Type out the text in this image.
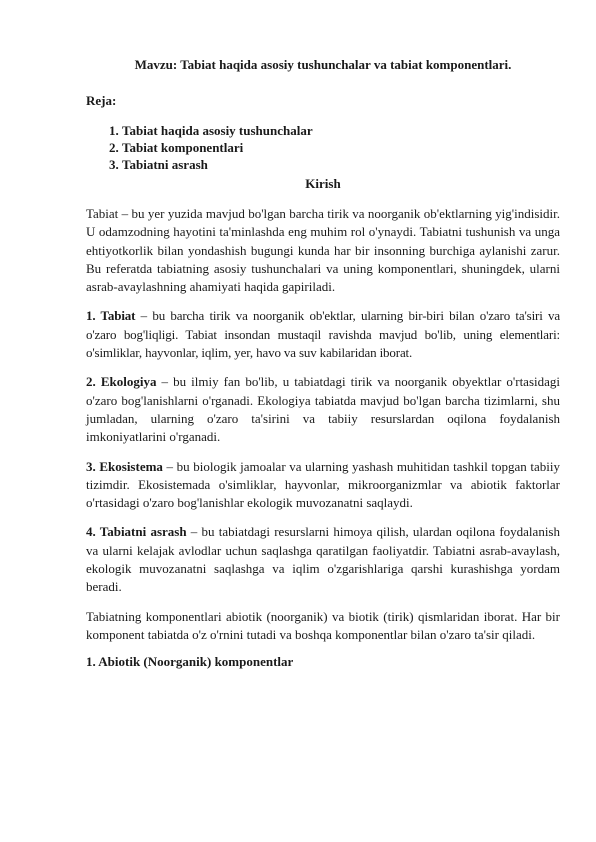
Mavzu: Tabiat haqida asosiy tushunchalar va tabiat komponentlari.

Reja:

1. Tabiat haqida asosiy tushunchalar
2. Tabiat komponentlari
3. Tabiatni asrash

Kirish

Tabiat – bu yer yuzida mavjud bo'lgan barcha tirik va noorganik ob'ektlarning yig'indisidir. U odamzodning hayotini ta'minlashda eng muhim rol o'ynaydi. Tabiatni tushunish va unga ehtiyotkorlik bilan yondashish bugungi kunda har bir insonning burchiga aylanishi zarur. Bu referatda tabiatning asosiy tushunchalari va uning komponentlari, shuningdek, ularni asrab-avaylashning ahamiyati haqida gapiriladi.

1. Tabiat – bu barcha tirik va noorganik ob'ektlar, ularning bir-biri bilan o'zaro ta'siri va o'zaro bog'liqligi. Tabiat insondan mustaqil ravishda mavjud bo'lib, uning elementlari: o'simliklar, hayvonlar, iqlim, yer, havo va suv kabilaridan iborat.

2. Ekologiya – bu ilmiy fan bo'lib, u tabiatdagi tirik va noorganik obyektlar o'rtasidagi o'zaro bog'lanishlarni o'rganadi. Ekologiya tabiatda mavjud bo'lgan barcha tizimlarni, shu jumladan, ularning o'zaro ta'sirini va tabiiy resurslardan oqilona foydalanish imkoniyatlarini o'rganadi.

3. Ekosistema – bu biologik jamoalar va ularning yashash muhitidan tashkil topgan tabiiy tizimdir. Ekosistemada o'simliklar, hayvonlar, mikroorganizmlar va abiotik faktorlar o'rtasidagi o'zaro bog'lanishlar ekologik muvozanatni saqlaydi.

4. Tabiatni asrash – bu tabiatdagi resurslarni himoya qilish, ulardan oqilona foydalanish va ularni kelajak avlodlar uchun saqlashga qaratilgan faoliyatdir. Tabiatni asrab-avaylash, ekologik muvozanatni saqlashga va iqlim o'zgarishlariga qarshi kurashishga yordam beradi.

Tabiatning komponentlari abiotik (noorganik) va biotik (tirik) qismlaridan iborat. Har bir komponent tabiatda o'z o'rnini tutadi va boshqa komponentlar bilan o'zaro ta'sir qiladi.

1. Abiotik (Noorganik) komponentlar
